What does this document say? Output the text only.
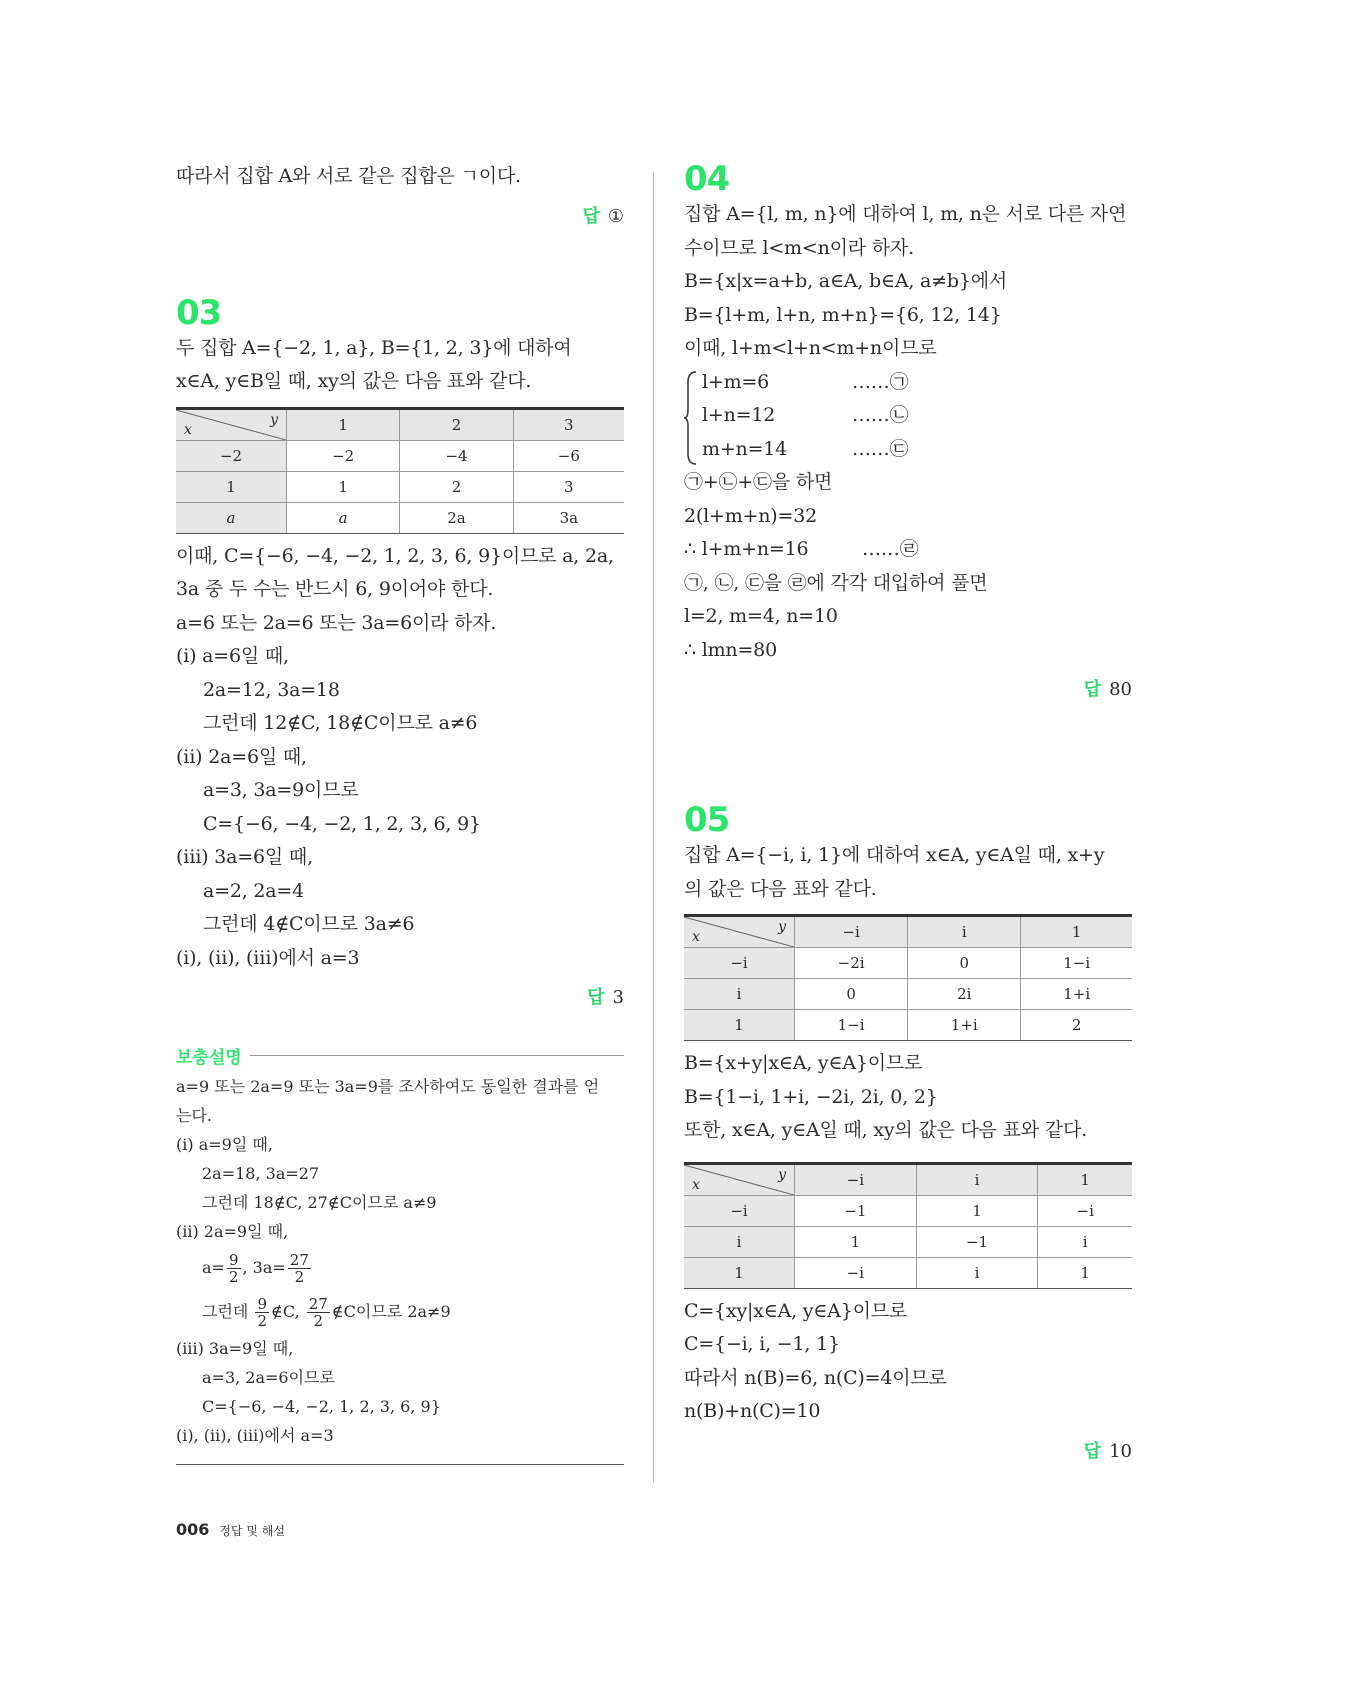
따라서 집합 A와 서로 같은 집합은 ㄱ이다.
답 ①
03
두 집합 A={−2, 1, a}, B={1, 2, 3}에 대하여
x∈A, y∈B일 때, xy의 값은 다음 표와 같다.
y
x	1	2	3
−2	−2	−4	−6
1	1	2	3
a	a	2a	3a
이때, C={−6, −4, −2, 1, 2, 3, 6, 9}이므로 a, 2a,
3a 중 두 수는 반드시 6, 9이어야 한다.
a=6 또는 2a=6 또는 3a=6이라 하자.
(ⅰ) a=6일 때,
2a=12, 3a=18
그런데 12∉C, 18∉C이므로 a≠6
(ⅱ) 2a=6일 때,
a=3, 3a=9이므로
C={−6, −4, −2, 1, 2, 3, 6, 9}
(ⅲ) 3a=6일 때,
a=2, 2a=4
그런데 4∉C이므로 3a≠6
(ⅰ), (ⅱ), (ⅲ)에서 a=3
답 3
보충설명
a=9 또는 2a=9 또는 3a=9를 조사하여도 동일한 결과를 얻
는다.
(ⅰ) a=9일 때,
2a=18, 3a=27
그런데 18∉C, 27∉C이므로 a≠9
(ⅱ) 2a=9일 때,
$a= \frac{9}{2}$ , $3a= \frac{27}{2}$
그런데 $\frac{9}{2}$ ∉C, $\frac{27}{2}$ ∉C이므로 2a≠9
(ⅲ) 3a=9일 때,
a=3, 2a=6이므로
C={−6, −4, −2, 1, 2, 3, 6, 9}
(ⅰ), (ⅱ), (ⅲ)에서 a=3
04
집합 A={l, m, n}에 대하여 l, m, n은 서로 다른 자연
수이므로 l<m<n이라 하자.
B={x|x=a+b, a∈A, b∈A, a≠b}에서
B={l+m, l+n, m+n}={6, 12, 14}
이때, l+m<l+n<m+n이므로
l+m=6	……㉠
l+n=12	……㉡
m+n=14	……㉢
㉠+㉡+㉢을 하면
2(l+m+n)=32
∴ l+m+n=16	……㉣
㉠, ㉡, ㉢을 ㉣에 각각 대입하여 풀면
l=2, m=4, n=10
∴ lmn=80
답 80
05
집합 A={−i, i, 1}에 대하여 x∈A, y∈A일 때, x+y
의 값은 다음 표와 같다.
y
x	−i	i	1
−i	−2i	0	1−i
i	0	2i	1+i
1	1−i	1+i	2
B={x+y|x∈A, y∈A}이므로
B={1−i, 1+i, −2i, 2i, 0, 2}
또한, x∈A, y∈A일 때, xy의 값은 다음 표와 같다.
y
x	−i	i	1
−i	−1	1	−i
i	1	−1	i
1	−i	i	1
C={xy|x∈A, y∈A}이므로
C={−i, i, −1, 1}
따라서 n(B)=6, n(C)=4이므로
n(B)+n(C)=10
답 10
006 정답 및 해설
